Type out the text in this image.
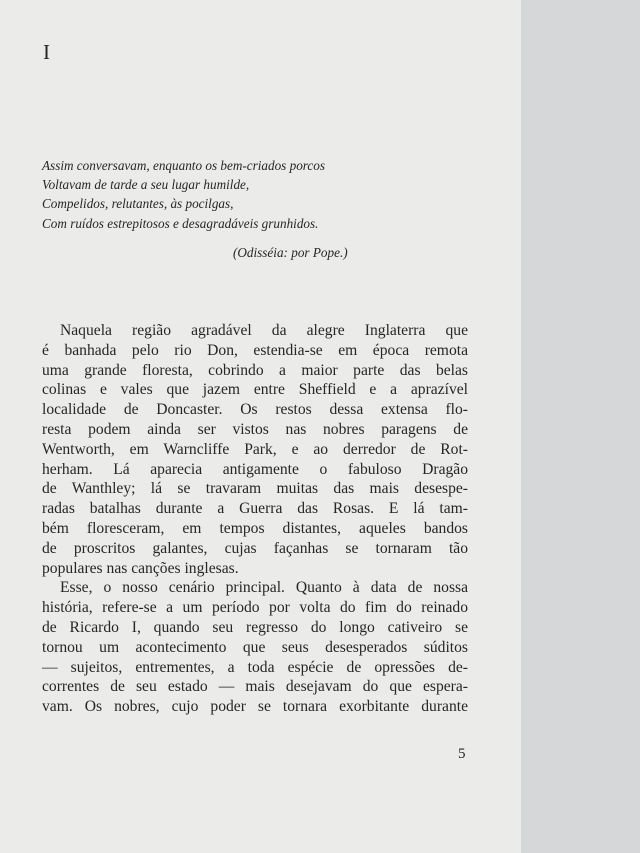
I
Assim conversavam, enquanto os bem-criados porcos
Voltavam de tarde a seu lugar humilde,
Compelidos, relutantes, às pocilgas,
Com ruídos estrepitosos e desagradáveis grunhidos.
(Odisséia: por Pope.)
Naquela região agradável da alegre Inglaterra que
é banhada pelo rio Don, estendia-se em época remota
uma grande floresta, cobrindo a maior parte das belas
colinas e vales que jazem entre Sheffield e a aprazível
localidade de Doncaster. Os restos dessa extensa flo-
resta podem ainda ser vistos nas nobres paragens de
Wentworth, em Warncliffe Park, e ao derredor de Rot-
herham. Lá aparecia antigamente o fabuloso Dragão
de Wanthley; lá se travaram muitas das mais desespe-
radas batalhas durante a Guerra das Rosas. E lá tam-
bém floresceram, em tempos distantes, aqueles bandos
de proscritos galantes, cujas façanhas se tornaram tão
populares nas canções inglesas.
Esse, o nosso cenário principal. Quanto à data de nossa
história, refere-se a um período por volta do fim do reinado
de Ricardo I, quando seu regresso do longo cativeiro se
tornou um acontecimento que seus desesperados súditos
— sujeitos, entrementes, a toda espécie de opressões de-
correntes de seu estado — mais desejavam do que espera-
vam. Os nobres, cujo poder se tornara exorbitante durante
5
